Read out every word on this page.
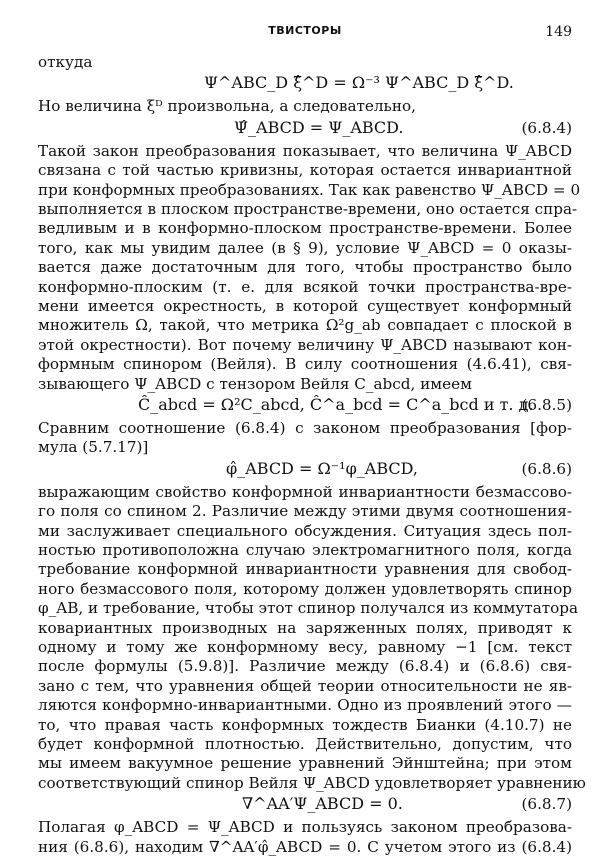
ТВИСТОРЫ	149
откуда
Ψ^ABC_D ξ̂^D = Ω⁻³ Ψ^ABC_D ξ̂^D.
Но величина ξᴰ произвольна, а следовательно,
Ψ̂_ABCD = Ψ_ABCD.	(6.8.4)
Такой закон преобразования показывает, что величина Ψ_ABCD
связана с той частью кривизны, которая остается инвариантной
при конформных преобразованиях. Так как равенство Ψ_ABCD = 0
выполняется в плоском пространстве-времени, оно остается спра-
ведливым и в конформно-плоском пространстве-времени. Более
того, как мы увидим далее (в § 9), условие Ψ_ABCD = 0 оказы-
вается даже достаточным для того, чтобы пространство было
конформно-плоским (т. е. для всякой точки пространства-вре-
мени имеется окрестность, в которой существует конформный
множитель Ω, такой, что метрика Ω²g_ab совпадает с плоской в
этой окрестности). Вот почему величину Ψ_ABCD называют кон-
формным спинором (Вейля). В силу соотношения (4.6.41), свя-
зывающего Ψ_ABCD с тензором Вейля C_abcd, имеем
Ĉ_abcd = Ω²C_abcd, Ĉ^a_bcd = C^a_bcd и т. д.
(6.8.5)
Сравним соотношение (6.8.4) с законом преобразования [фор-
мула (5.7.17)]
φ̂_ABCD = Ω⁻¹φ_ABCD,	(6.8.6)
выражающим свойство конформной инвариантности безмассово-
го поля со спином 2. Различие между этими двумя соотношения-
ми заслуживает специального обсуждения. Ситуация здесь пол-
ностью противоположна случаю электромагнитного поля, когда
требование конформной инвариантности уравнения для свобод-
ного безмассового поля, которому должен удовлетворять спинор
φ_AB, и требование, чтобы этот спинор получался из коммутатора
ковариантных производных на заряженных полях, приводят к
одному и тому же конформному весу, равному −1 [см. текст
после формулы (5.9.8)]. Различие между (6.8.4) и (6.8.6) свя-
зано с тем, что уравнения общей теории относительности не яв-
ляются конформно-инвариантными. Одно из проявлений этого —
то, что правая часть конформных тождеств Бианки (4.10.7) не
будет конформной плотностью. Действительно, допустим, что
мы имеем вакуумное решение уравнений Эйнштейна; при этом
соответствующий спинор Вейля Ψ_ABCD удовлетворяет уравнению
∇^AA′Ψ_ABCD = 0.	(6.8.7)
Полагая φ_ABCD = Ψ_ABCD и пользуясь законом преобразова-
ния (6.8.6), находим ∇^AA′φ̂_ABCD = 0. С учетом этого из (6.8.4)
